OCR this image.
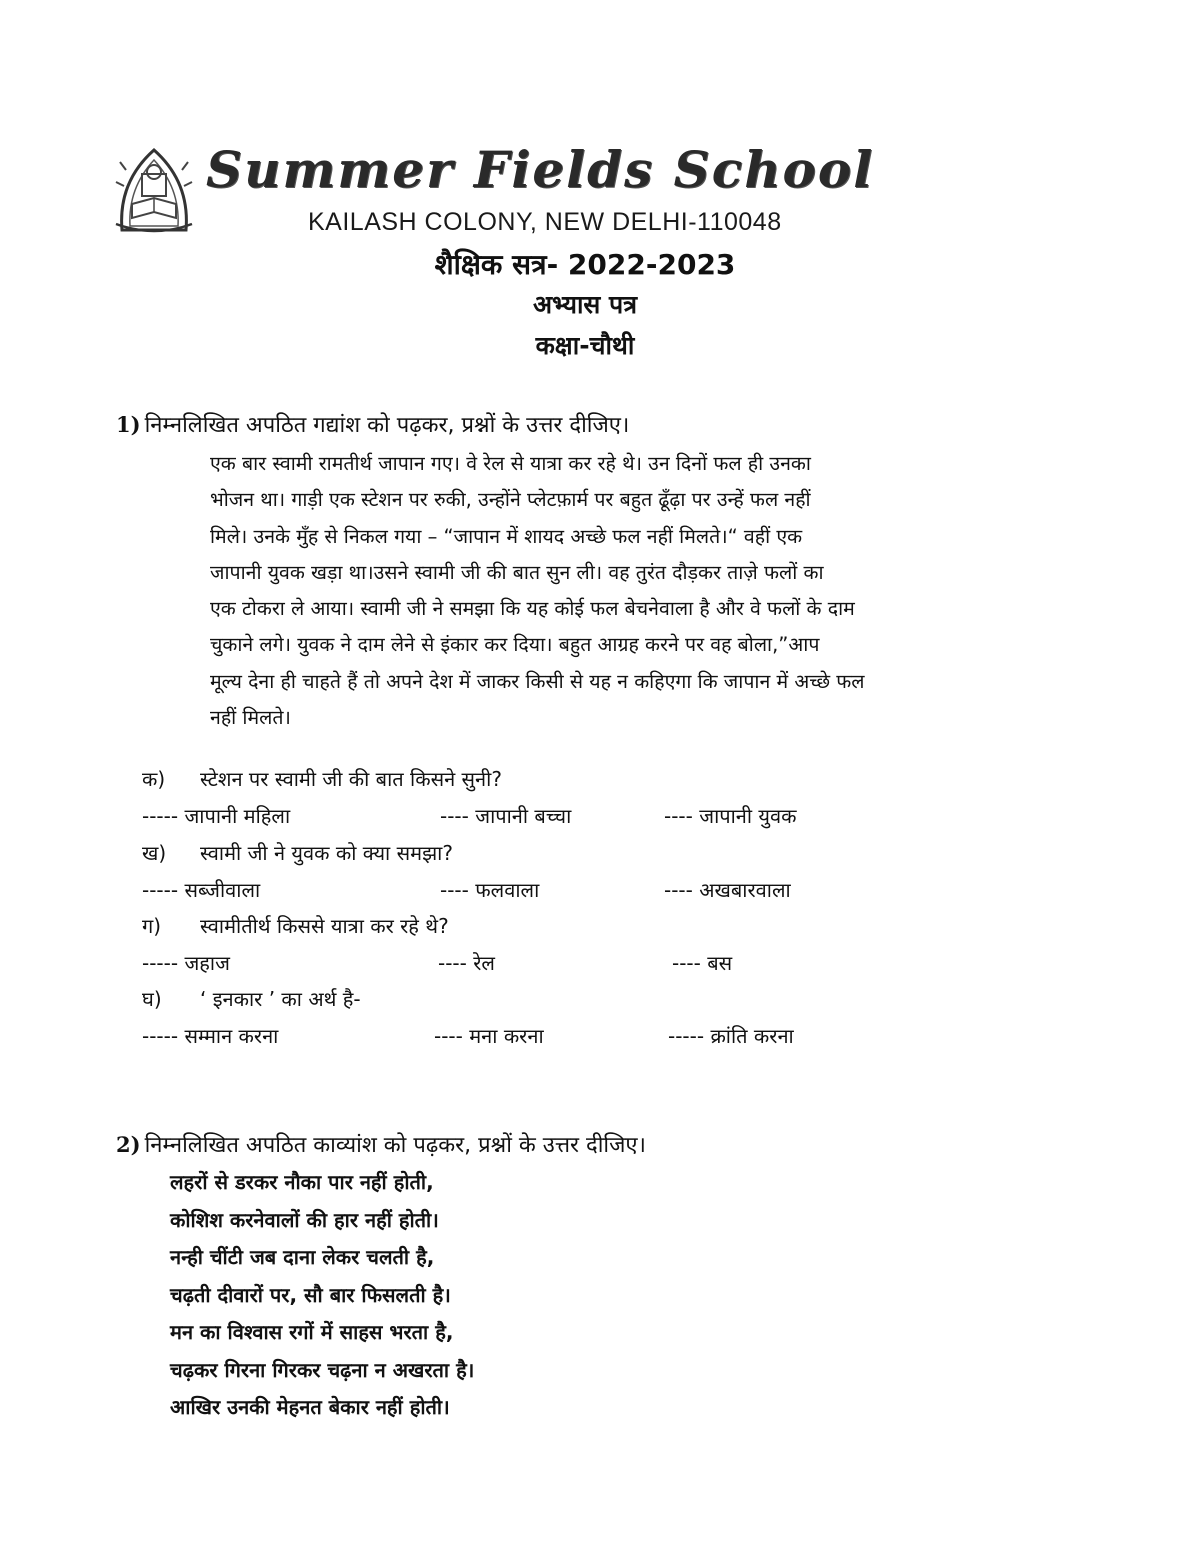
Summer Fields School
KAILASH COLONY, NEW DELHI-110048
शैक्षिक सत्र- 2022-2023
अभ्यास पत्र
कक्षा-चौथी
1) निम्नलिखित अपठित गद्यांश को पढ़कर, प्रश्नों के उत्तर दीजिए।
एक बार स्वामी रामतीर्थ जापान गए। वे रेल से यात्रा कर रहे थे। उन दिनों फल ही उनका
भोजन था। गाड़ी एक स्टेशन पर रुकी, उन्होंने प्लेटफ़ार्म पर बहुत ढूँढ़ा पर उन्हें फल नहीं
मिले। उनके मुँह से निकल गया – “जापान में शायद अच्छे फल नहीं मिलते।“ वहीं एक
जापानी युवक खड़ा था।उसने स्वामी जी की बात सुन ली। वह तुरंत दौड़कर ताज़े फलों का
एक टोकरा ले आया। स्वामी जी ने समझा कि यह कोई फल बेचनेवाला है और वे फलों के दाम
चुकाने लगे। युवक ने दाम लेने से इंकार कर दिया। बहुत आग्रह करने पर वह बोला,”आप
मूल्य देना ही चाहते हैं तो अपने देश में जाकर किसी से यह न कहिएगा कि जापान में अच्छे फल
नहीं मिलते।
क) स्टेशन पर स्वामी जी की बात किसने सुनी?
----- जापानी महिला	---- जापानी बच्चा	---- जापानी युवक
ख) स्वामी जी ने युवक को क्या समझा?
----- सब्जीवाला	---- फलवाला	---- अखबारवाला
ग) स्वामीतीर्थ किससे यात्रा कर रहे थे?
----- जहाज	---- रेल	---- बस
घ) ‘ इनकार ’ का अर्थ है-
----- सम्मान करना	---- मना करना	----- क्रांति करना
2) निम्नलिखित अपठित काव्यांश को पढ़कर, प्रश्नों के उत्तर दीजिए।
लहरों से डरकर नौका पार नहीं होती,
कोशिश करनेवालों की हार नहीं होती।
नन्ही चींटी जब दाना लेकर चलती है,
चढ़ती दीवारों पर, सौ बार फिसलती है।
मन का विश्वास रगों में साहस भरता है,
चढ़कर गिरना गिरकर चढ़ना न अखरता है।
आखिर उनकी मेहनत बेकार नहीं होती।
